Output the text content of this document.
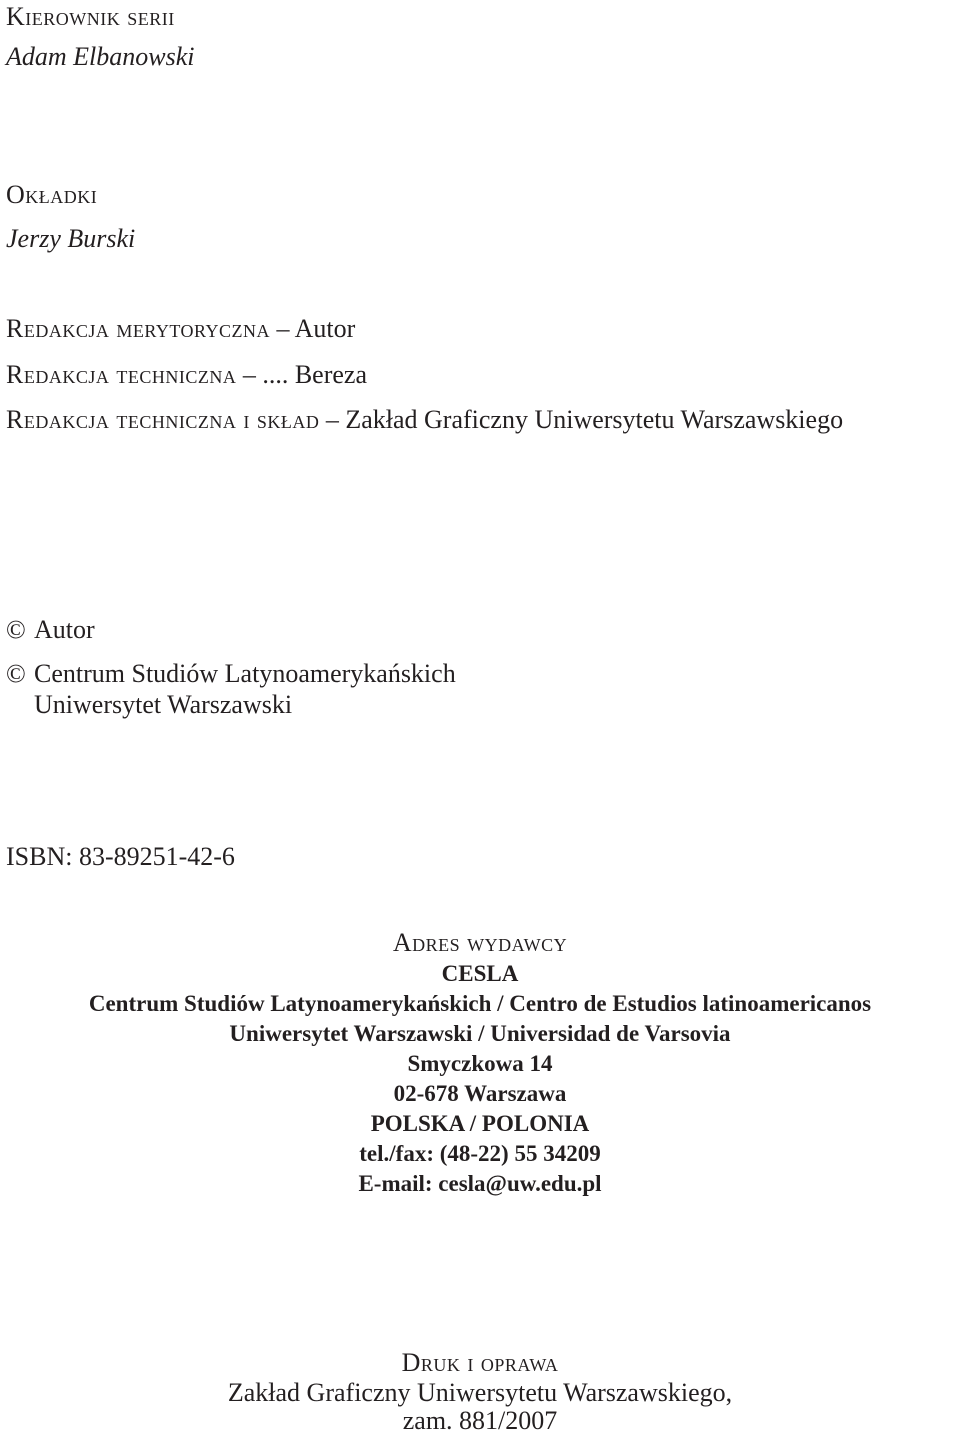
Kierownik serii
Adam Elbanowski
Okładki
Jerzy Burski
Redakcja merytoryczna – Autor
Redakcja techniczna – .... Bereza
Redakcja techniczna i skład – Zakład Graficzny Uniwersytetu Warszawskiego
© Autor
© Centrum Studiów Latynoamerykańskich
Uniwersytet Warszawski
ISBN: 83-89251-42-6
Adres wydawcy
CESLA
Centrum Studiów Latynoamerykańskich / Centro de Estudios latinoamericanos
Uniwersytet Warszawski / Universidad de Varsovia
Smyczkowa 14
02-678 Warszawa
POLSKA / POLONIA
tel./fax: (48-22) 55 34209
E-mail: cesla@uw.edu.pl
Druk i oprawa
Zakład Graficzny Uniwersytetu Warszawskiego,
zam. 881/2007
